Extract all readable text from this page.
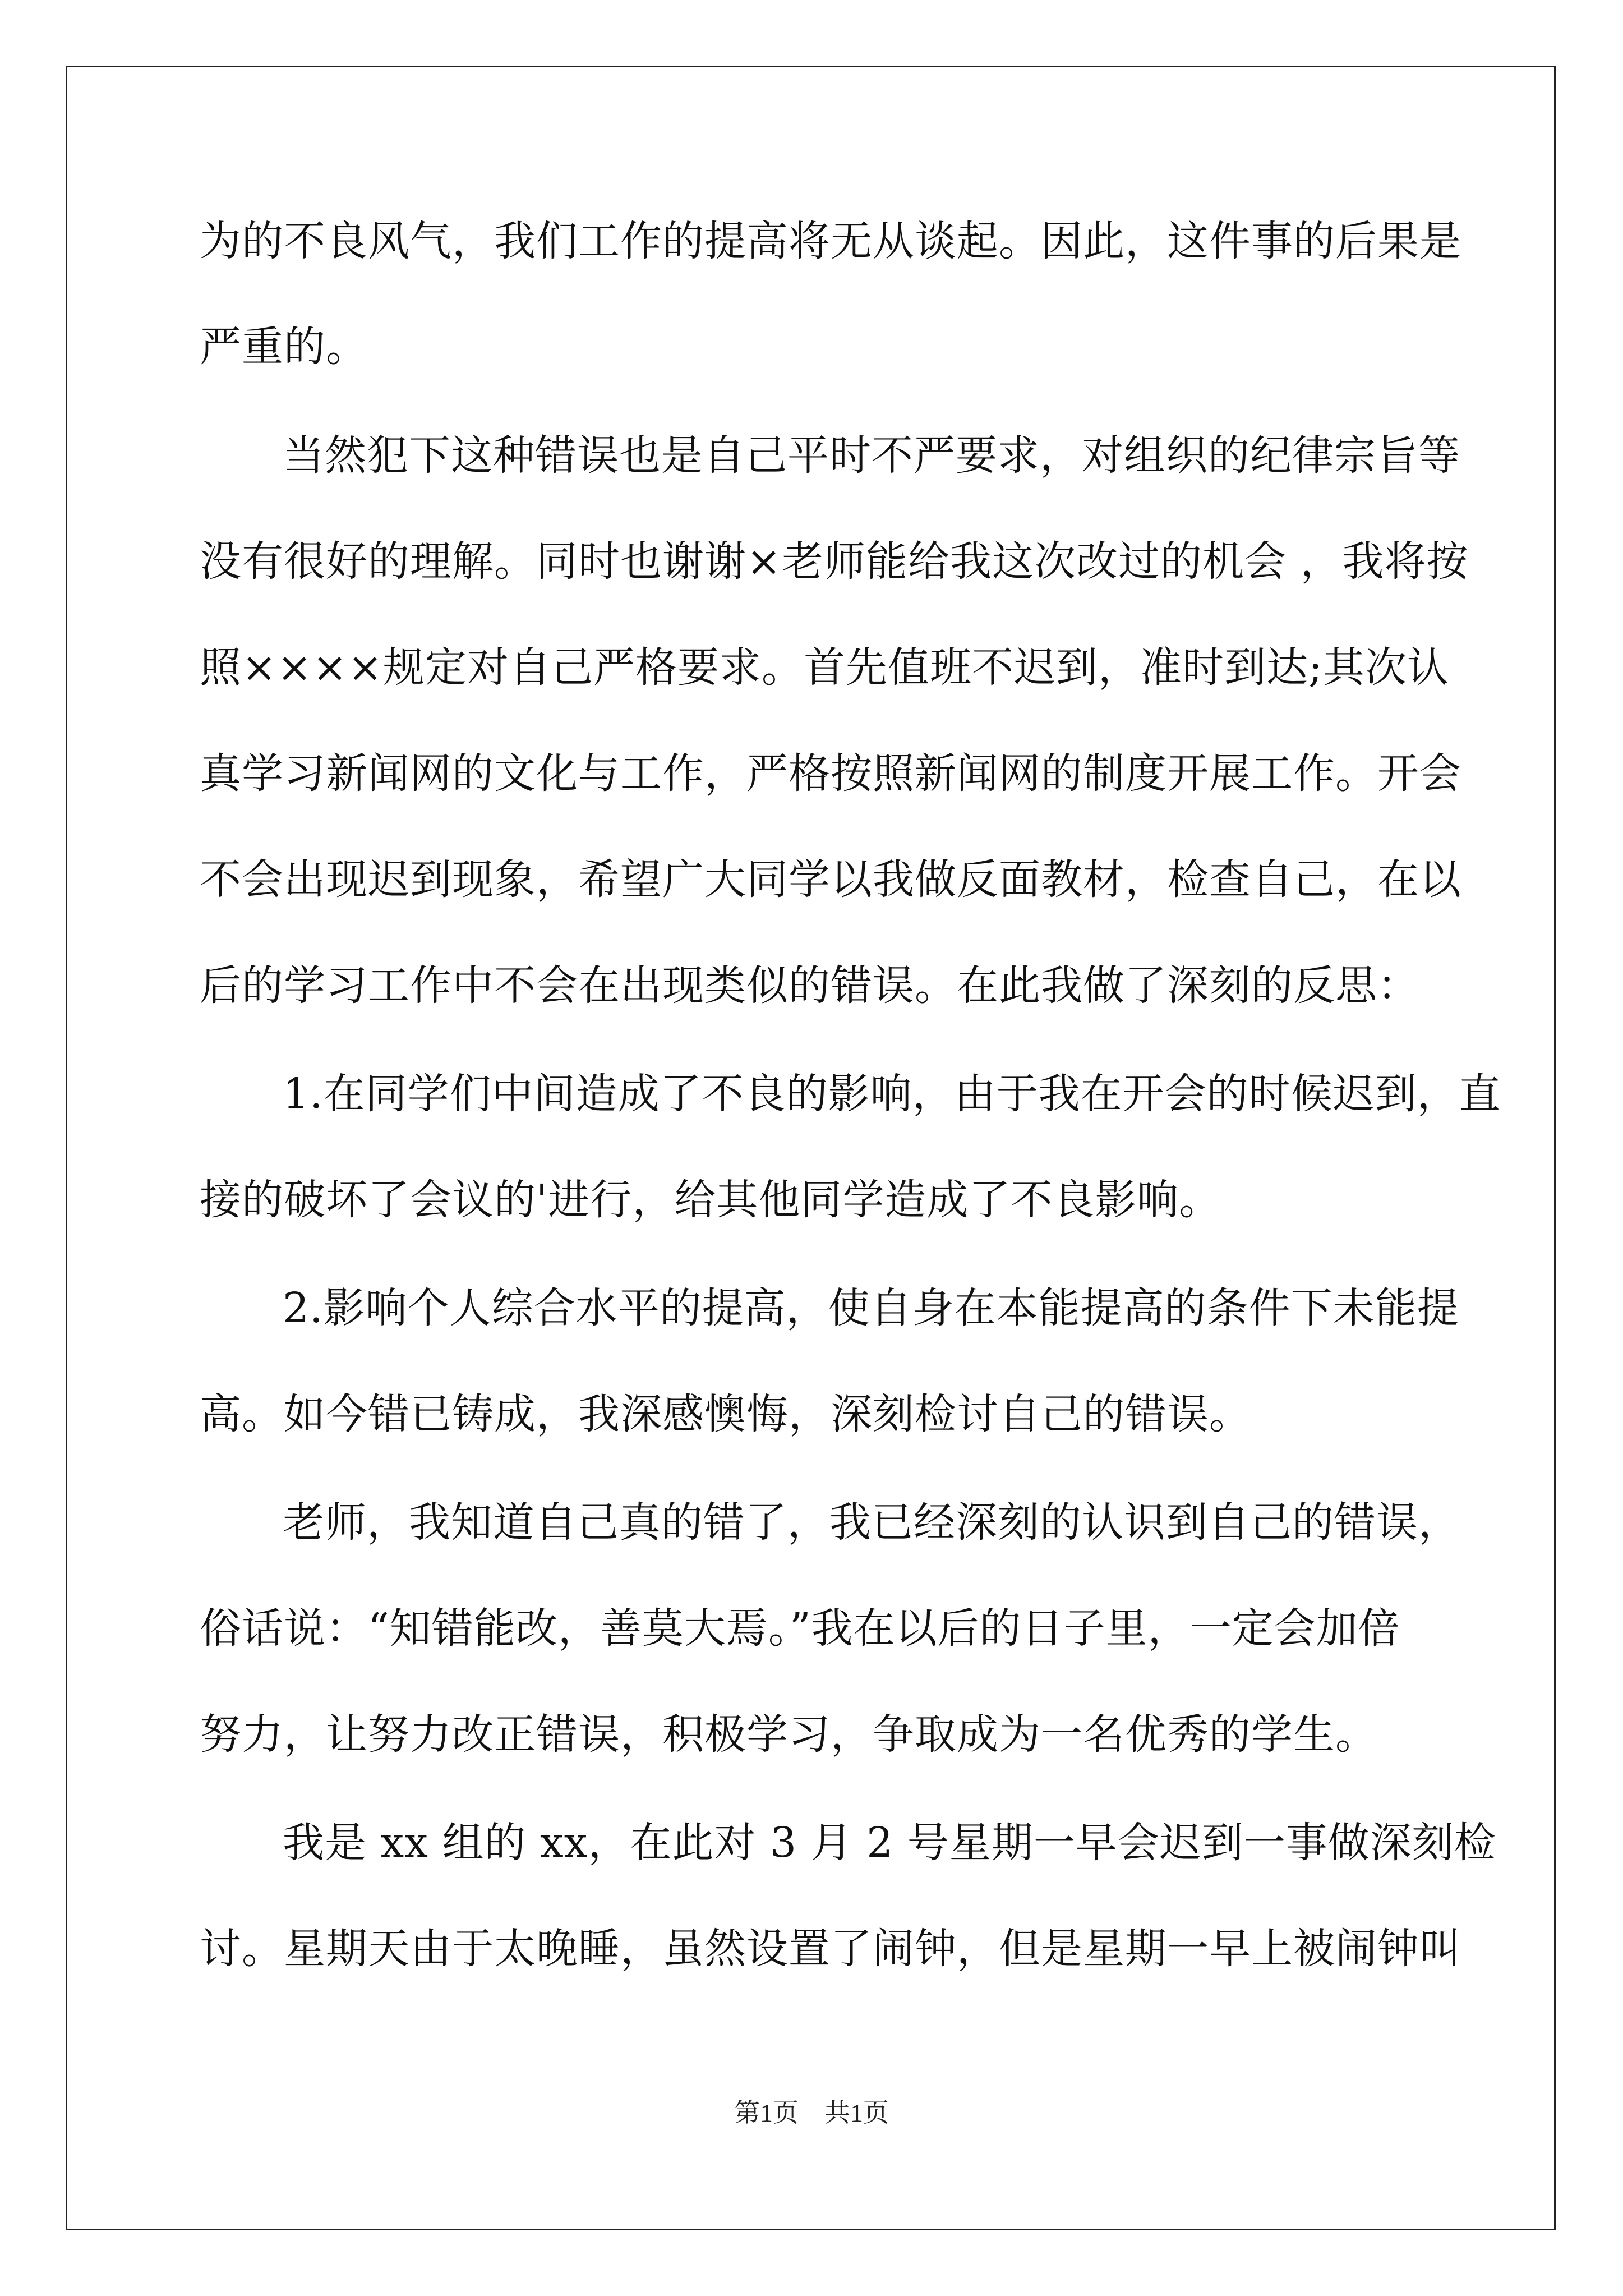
为的不良风气，我们工作的提高将无从谈起。因此，这件事的后果是
严重的。
当然犯下这种错误也是自己平时不严要求，对组织的纪律宗旨等
没有很好的理解。同时也谢谢×老师能给我这次改过的机会 ，我将按
照××××规定对自己严格要求。首先值班不迟到，准时到达;其次认
真学习新闻网的文化与工作，严格按照新闻网的制度开展工作。开会
不会出现迟到现象，希望广大同学以我做反面教材，检查自己，在以
后的学习工作中不会在出现类似的错误。在此我做了深刻的反思：
1.在同学们中间造成了不良的影响，由于我在开会的时候迟到，直
接的破坏了会议的'进行，给其他同学造成了不良影响。
2.影响个人综合水平的提高，使自身在本能提高的条件下未能提
高。如今错已铸成，我深感懊悔，深刻检讨自己的错误。
老师，我知道自己真的错了，我已经深刻的认识到自己的错误，
俗话说：“知错能改，善莫大焉。”我在以后的日子里，一定会加倍
努力，让努力改正错误，积极学习，争取成为一名优秀的学生。
我是 xx 组的 xx，在此对 3 月 2 号星期一早会迟到一事做深刻检
讨。星期天由于太晚睡，虽然设置了闹钟，但是星期一早上被闹钟叫
第1页　共1页
